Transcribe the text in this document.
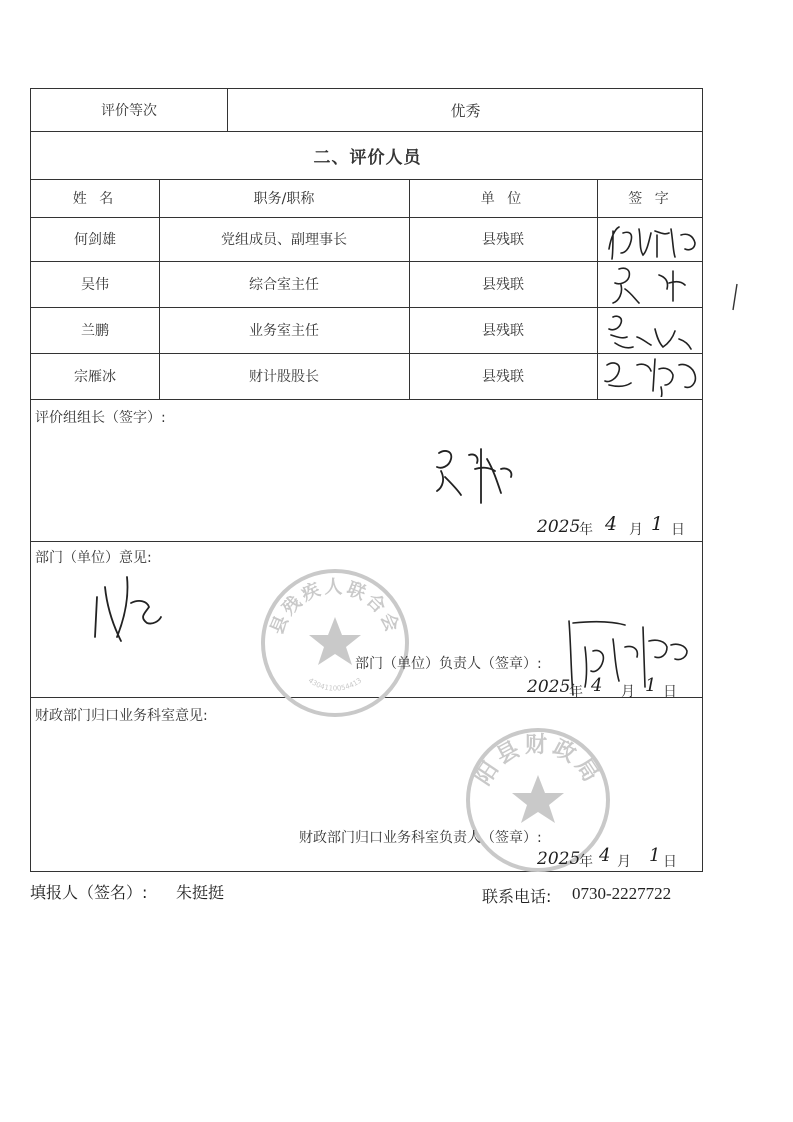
评价等次	优秀
二、评价人员
姓 名	职务/职称	单 位	签 字
何剑雄	党组成员、副理事长	县残联
吴伟	综合室主任	县残联
兰鹏	业务室主任	县残联
宗雁冰	财计股股长	县残联
评价组组长（签字）:
2025
年 4 月 1 日
部门（单位）意见:
县残疾人联合会
4304110054413
部门（单位）负责人（签章）:
2025
年 4 月 1 日
财政部门归口业务科室意见:
阳县财政局
财政部门归口业务科室负责人（签章）:
2025
年 4 月 1 日
填报人（签名）: 朱挺挺	联系电话: 0730-2227722
